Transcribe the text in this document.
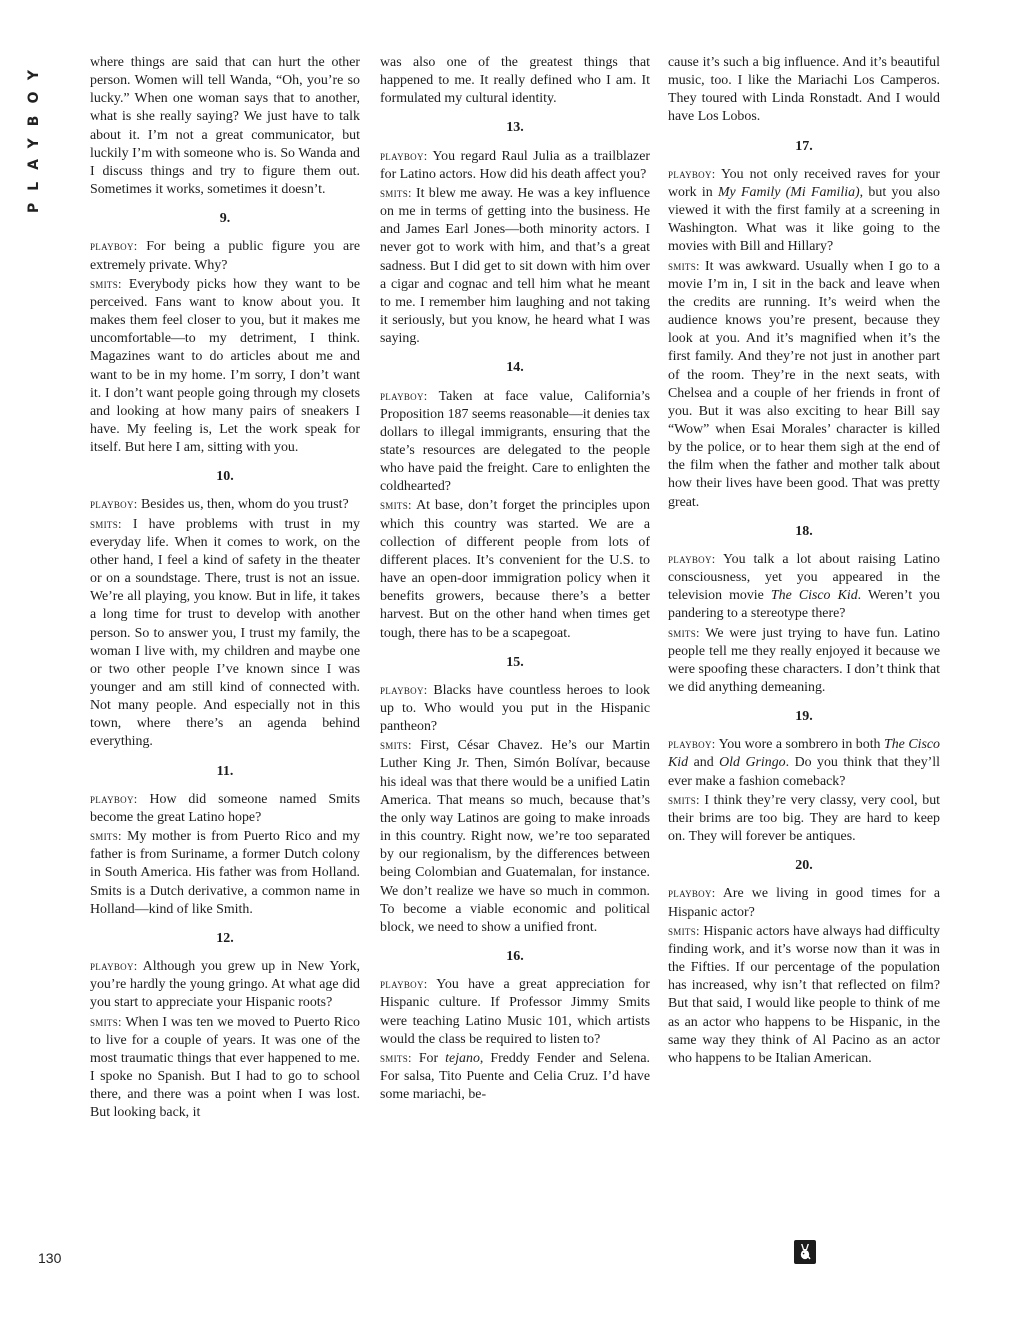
PLAYBOY
130

where things are said that can hurt the other person. Women will tell Wanda, “Oh, you’re so lucky.” When one woman says that to another, what is she really saying? We just have to talk about it. I’m not a great communicator, but luckily I’m with someone who is. So Wanda and I discuss things and try to figure them out. Sometimes it works, sometimes it doesn’t.

9.

playboy: For being a public figure you are extremely private. Why?

smits: Everybody picks how they want to be perceived. Fans want to know about you. It makes them feel closer to you, but it makes me uncomfortable—to my detriment, I think. Magazines want to do articles about me and want to be in my home. I’m sorry, I don’t want it. I don’t want people going through my closets and looking at how many pairs of sneakers I have. My feeling is, Let the work speak for itself. But here I am, sitting with you.

10.

playboy: Besides us, then, whom do you trust?

smits: I have problems with trust in my everyday life. When it comes to work, on the other hand, I feel a kind of safety in the theater or on a soundstage. There, trust is not an issue. We’re all playing, you know. But in life, it takes a long time for trust to develop with another person. So to answer you, I trust my family, the woman I live with, my children and maybe one or two other people I’ve known since I was younger and am still kind of connected with. Not many people. And especially not in this town, where there’s an agenda behind everything.

11.

playboy: How did someone named Smits become the great Latino hope?

smits: My mother is from Puerto Rico and my father is from Suriname, a former Dutch colony in South America. His father was from Holland. Smits is a Dutch derivative, a common name in Holland—kind of like Smith.

12.

playboy: Although you grew up in New York, you’re hardly the young gringo. At what age did you start to appreciate your Hispanic roots?

smits: When I was ten we moved to Puerto Rico to live for a couple of years. It was one of the most traumatic things that ever happened to me. I spoke no Spanish. But I had to go to school there, and there was a point when I was lost. But looking back, it

was also one of the greatest things that happened to me. It really defined who I am. It formulated my cultural identity.

13.

playboy: You regard Raul Julia as a trailblazer for Latino actors. How did his death affect you?

smits: It blew me away. He was a key influence on me in terms of getting into the business. He and James Earl Jones—both minority actors. I never got to work with him, and that’s a great sadness. But I did get to sit down with him over a cigar and cognac and tell him what he meant to me. I remember him laughing and not taking it seriously, but you know, he heard what I was saying.

14.

playboy: Taken at face value, California’s Proposition 187 seems reasonable—it denies tax dollars to illegal immigrants, ensuring that the state’s resources are delegated to the people who have paid the freight. Care to enlighten the coldhearted?

smits: At base, don’t forget the principles upon which this country was started. We are a collection of different people from lots of different places. It’s convenient for the U.S. to have an open-door immigration policy when it benefits growers, because there’s a better harvest. But on the other hand when times get tough, there has to be a scapegoat.

15.

playboy: Blacks have countless heroes to look up to. Who would you put in the Hispanic pantheon?

smits: First, César Chavez. He’s our Martin Luther King Jr. Then, Simón Bolívar, because his ideal was that there would be a unified Latin America. That means so much, because that’s the only way Latinos are going to make inroads in this country. Right now, we’re too separated by our regionalism, by the differences between being Colombian and Guatemalan, for instance. We don’t realize we have so much in common. To become a viable economic and political block, we need to show a unified front.

16.

playboy: You have a great appreciation for Hispanic culture. If Professor Jimmy Smits were teaching Latino Music 101, which artists would the class be required to listen to?

smits: For tejano, Freddy Fender and Selena. For salsa, Tito Puente and Celia Cruz. I’d have some mariachi, be-

cause it’s such a big influence. And it’s beautiful music, too. I like the Mariachi Los Camperos. They toured with Linda Ronstadt. And I would have Los Lobos.

17.

playboy: You not only received raves for your work in My Family (Mi Familia), but you also viewed it with the first family at a screening in Washington. What was it like going to the movies with Bill and Hillary?

smits: It was awkward. Usually when I go to a movie I’m in, I sit in the back and leave when the credits are running. It’s weird when the audience knows you’re present, because they look at you. And it’s magnified when it’s the first family. And they’re not just in another part of the room. They’re in the next seats, with Chelsea and a couple of her friends in front of you. But it was also exciting to hear Bill say “Wow” when Esai Morales’ character is killed by the police, or to hear them sigh at the end of the film when the father and mother talk about how their lives have been good. That was pretty great.

18.

playboy: You talk a lot about raising Latino consciousness, yet you appeared in the television movie The Cisco Kid. Weren’t you pandering to a stereotype there?

smits: We were just trying to have fun. Latino people tell me they really enjoyed it because we were spoofing these characters. I don’t think that we did anything demeaning.

19.

playboy: You wore a sombrero in both The Cisco Kid and Old Gringo. Do you think that they’ll ever make a fashion comeback?

smits: I think they’re very classy, very cool, but their brims are too big. They are hard to keep on. They will forever be antiques.

20.

playboy: Are we living in good times for a Hispanic actor?

smits: Hispanic actors have always had difficulty finding work, and it’s worse now than it was in the Fifties. If our percentage of the population has increased, why isn’t that reflected on film? But that said, I would like people to think of me as an actor who happens to be Hispanic, in the same way they think of Al Pacino as an actor who happens to be Italian American.
